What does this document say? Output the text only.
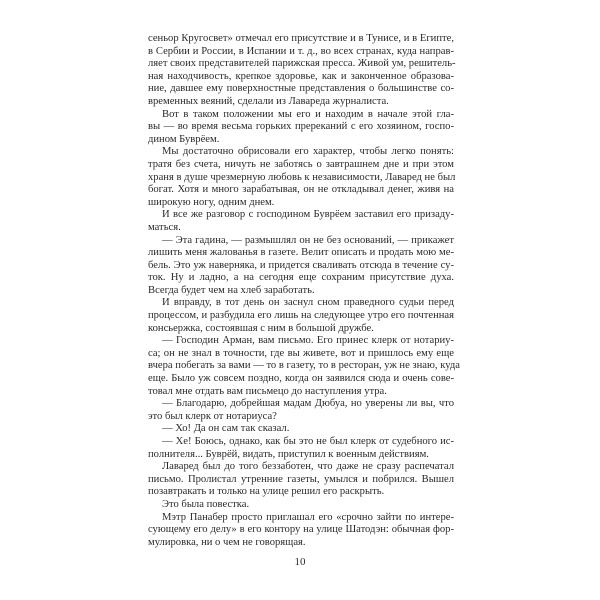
сеньор Кругосвет» отмечал его присутствие и в Тунисе, и в Египте,
в Сербии и России, в Испании и т. д., во всех странах, куда направ-
ляет своих представителей парижская пресса. Живой ум, решитель-
ная находчивость, крепкое здоровье, как и законченное образова-
ние, давшее ему поверхностные представления о большинстве со-
временных веяний, сделали из Лавареда журналиста.
Вот в таком положении мы его и находим в начале этой гла-
вы — во время весьма горьких пререканий с его хозяином, госпо-
дином Буврёем.
Мы достаточно обрисовали его характер, чтобы легко понять:
тратя без счета, ничуть не заботясь о завтрашнем дне и при этом
храня в душе чрезмерную любовь к независимости, Лаваред не был
богат. Хотя и много зарабатывая, он не откладывал денег, живя на
широкую ногу, одним днем.
И все же разговор с господином Буврёем заставил его призаду-
маться.
— Эта гадина, — размышлял он не без оснований, — прикажет
лишить меня жалованья в газете. Велит описать и продать мою ме-
бель. Это уж наверняка, и придется сваливать отсюда в течение су-
ток. Ну и ладно, а на сегодня еще сохраним присутствие духа.
Всегда будет чем на хлеб заработать.
И вправду, в тот день он заснул сном праведного судьи перед
процессом, и разбудила его лишь на следующее утро его почтенная
консьержка, состоявшая с ним в большой дружбе.
— Господин Арман, вам письмо. Его принес клерк от нотариу-
са; он не знал в точности, где вы живете, вот и пришлось ему еще
вчера побегать за вами — то в газету, то в ресторан, уж не знаю, куда
еще. Было уж совсем поздно, когда он заявился сюда и очень сове-
товал мне отдать вам письмецо до наступления утра.
— Благодарю, добрейшая мадам Дюбуа, но уверены ли вы, что
это был клерк от нотариуса?
— Хо! Да он сам так сказал.
— Хе! Боюсь, однако, как бы это не был клерк от судебного ис-
полнителя... Буврёй, видать, приступил к военным действиям.
Лаваред был до того беззаботен, что даже не сразу распечатал
письмо. Пролистал утренние газеты, умылся и побрился. Вышел
позавтракать и только на улице решил его раскрыть.
Это была повестка.
Мэтр Панабер просто приглашал его «срочно зайти по интере-
сующему его делу» в его контору на улице Шатодэн: обычная фор-
мулировка, ни о чем не говорящая.
10
